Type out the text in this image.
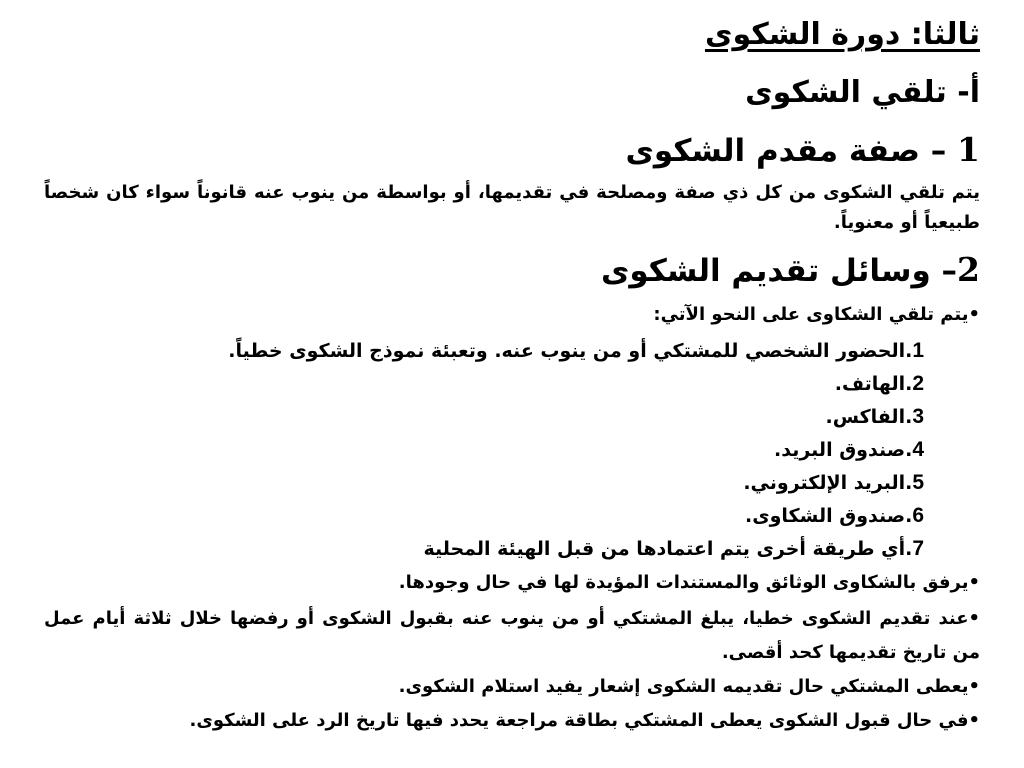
ثالثا: دورة الشكوى
أ- تلقي الشكوى
1 – صفة مقدم الشكوى
يتم تلقي الشكوى من كل ذي صفة ومصلحة في تقديمها، أو بواسطة من ينوب عنه قانوناً سواء كان شخصاً طبيعياً أو معنوياً.
2– وسائل تقديم الشكوى
•يتم تلقي الشكاوى على النحو الآتي:
1.الحضور الشخصي للمشتكي أو من ينوب عنه. وتعبئة نموذج الشكوى خطياً.
2.الهاتف.
3.الفاكس.
4.صندوق البريد.
5.البريد الإلكتروني.
6.صندوق الشكاوى.
7.أي طريقة أخرى يتم اعتمادها من قبل الهيئة المحلية
•يرفق بالشكاوى الوثائق والمستندات المؤيدة لها في حال وجودها.
•عند تقديم الشكوى خطيا، يبلغ المشتكي أو من ينوب عنه بقبول الشكوى أو رفضها خلال ثلاثة أيام عمل من تاريخ تقديمها كحد أقصى.
•يعطى المشتكي حال تقديمه الشكوى إشعار يفيد استلام الشكوى.
•في حال قبول الشكوى يعطى المشتكي بطاقة مراجعة يحدد فيها تاريخ الرد على الشكوى.
